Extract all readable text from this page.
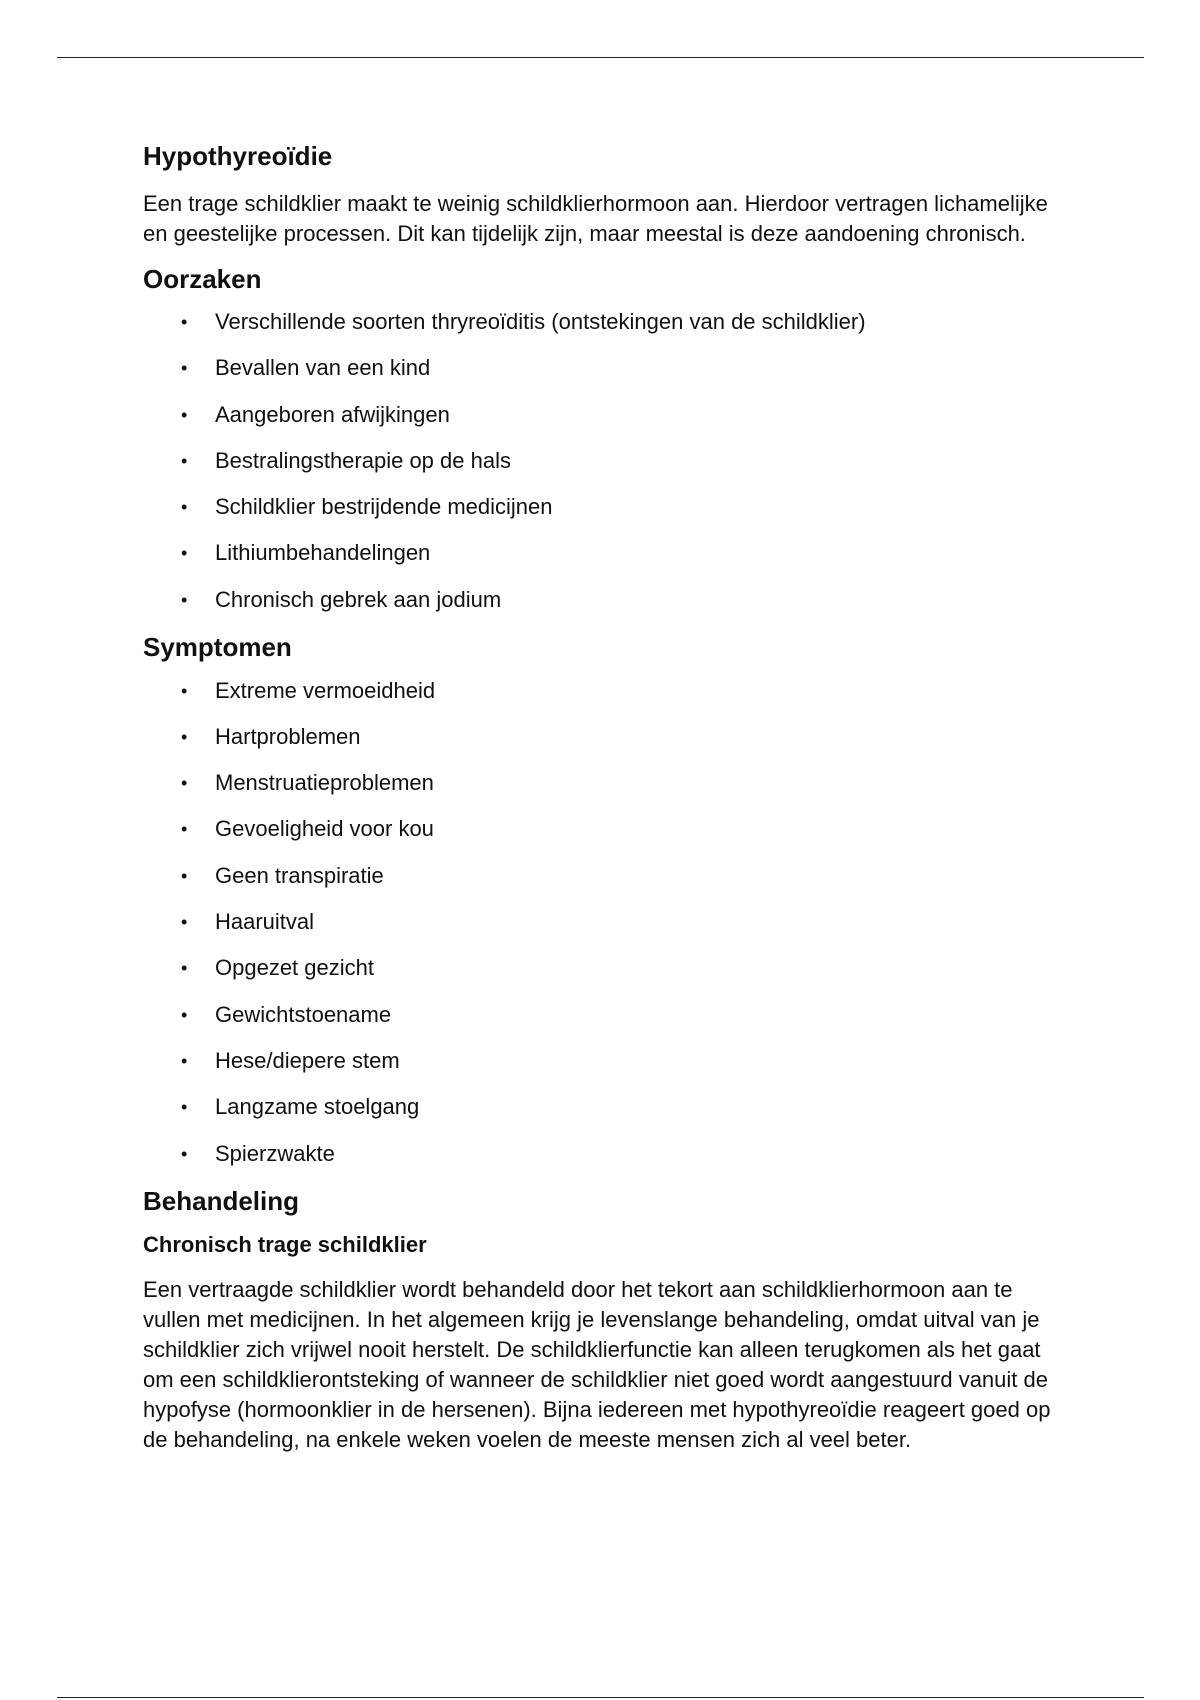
Hypothyreoïdie

Een trage schildklier maakt te weinig schildklierhormoon aan. Hierdoor vertragen lichamelijke en geestelijke processen. Dit kan tijdelijk zijn, maar meestal is deze aandoening chronisch.

Oorzaken
• Verschillende soorten thryreoïditis (ontstekingen van de schildklier)
• Bevallen van een kind
• Aangeboren afwijkingen
• Bestralingstherapie op de hals
• Schildklier bestrijdende medicijnen
• Lithiumbehandelingen
• Chronisch gebrek aan jodium
Symptomen
• Extreme vermoeidheid
• Hartproblemen
• Menstruatieproblemen
• Gevoeligheid voor kou
• Geen transpiratie
• Haaruitval
• Opgezet gezicht
• Gewichtstoename
• Hese/diepere stem
• Langzame stoelgang
• Spierzwakte
Behandeling
Chronisch trage schildklier

Een vertraagde schildklier wordt behandeld door het tekort aan schildklierhormoon aan te vullen met medicijnen. In het algemeen krijg je levenslange behandeling, omdat uitval van je schildklier zich vrijwel nooit herstelt. De schildklierfunctie kan alleen terugkomen als het gaat om een schildklierontsteking of wanneer de schildklier niet goed wordt aangestuurd vanuit de hypofyse (hormoonklier in de hersenen). Bijna iedereen met hypothyreoïdie reageert goed op de behandeling, na enkele weken voelen de meeste mensen zich al veel beter.
